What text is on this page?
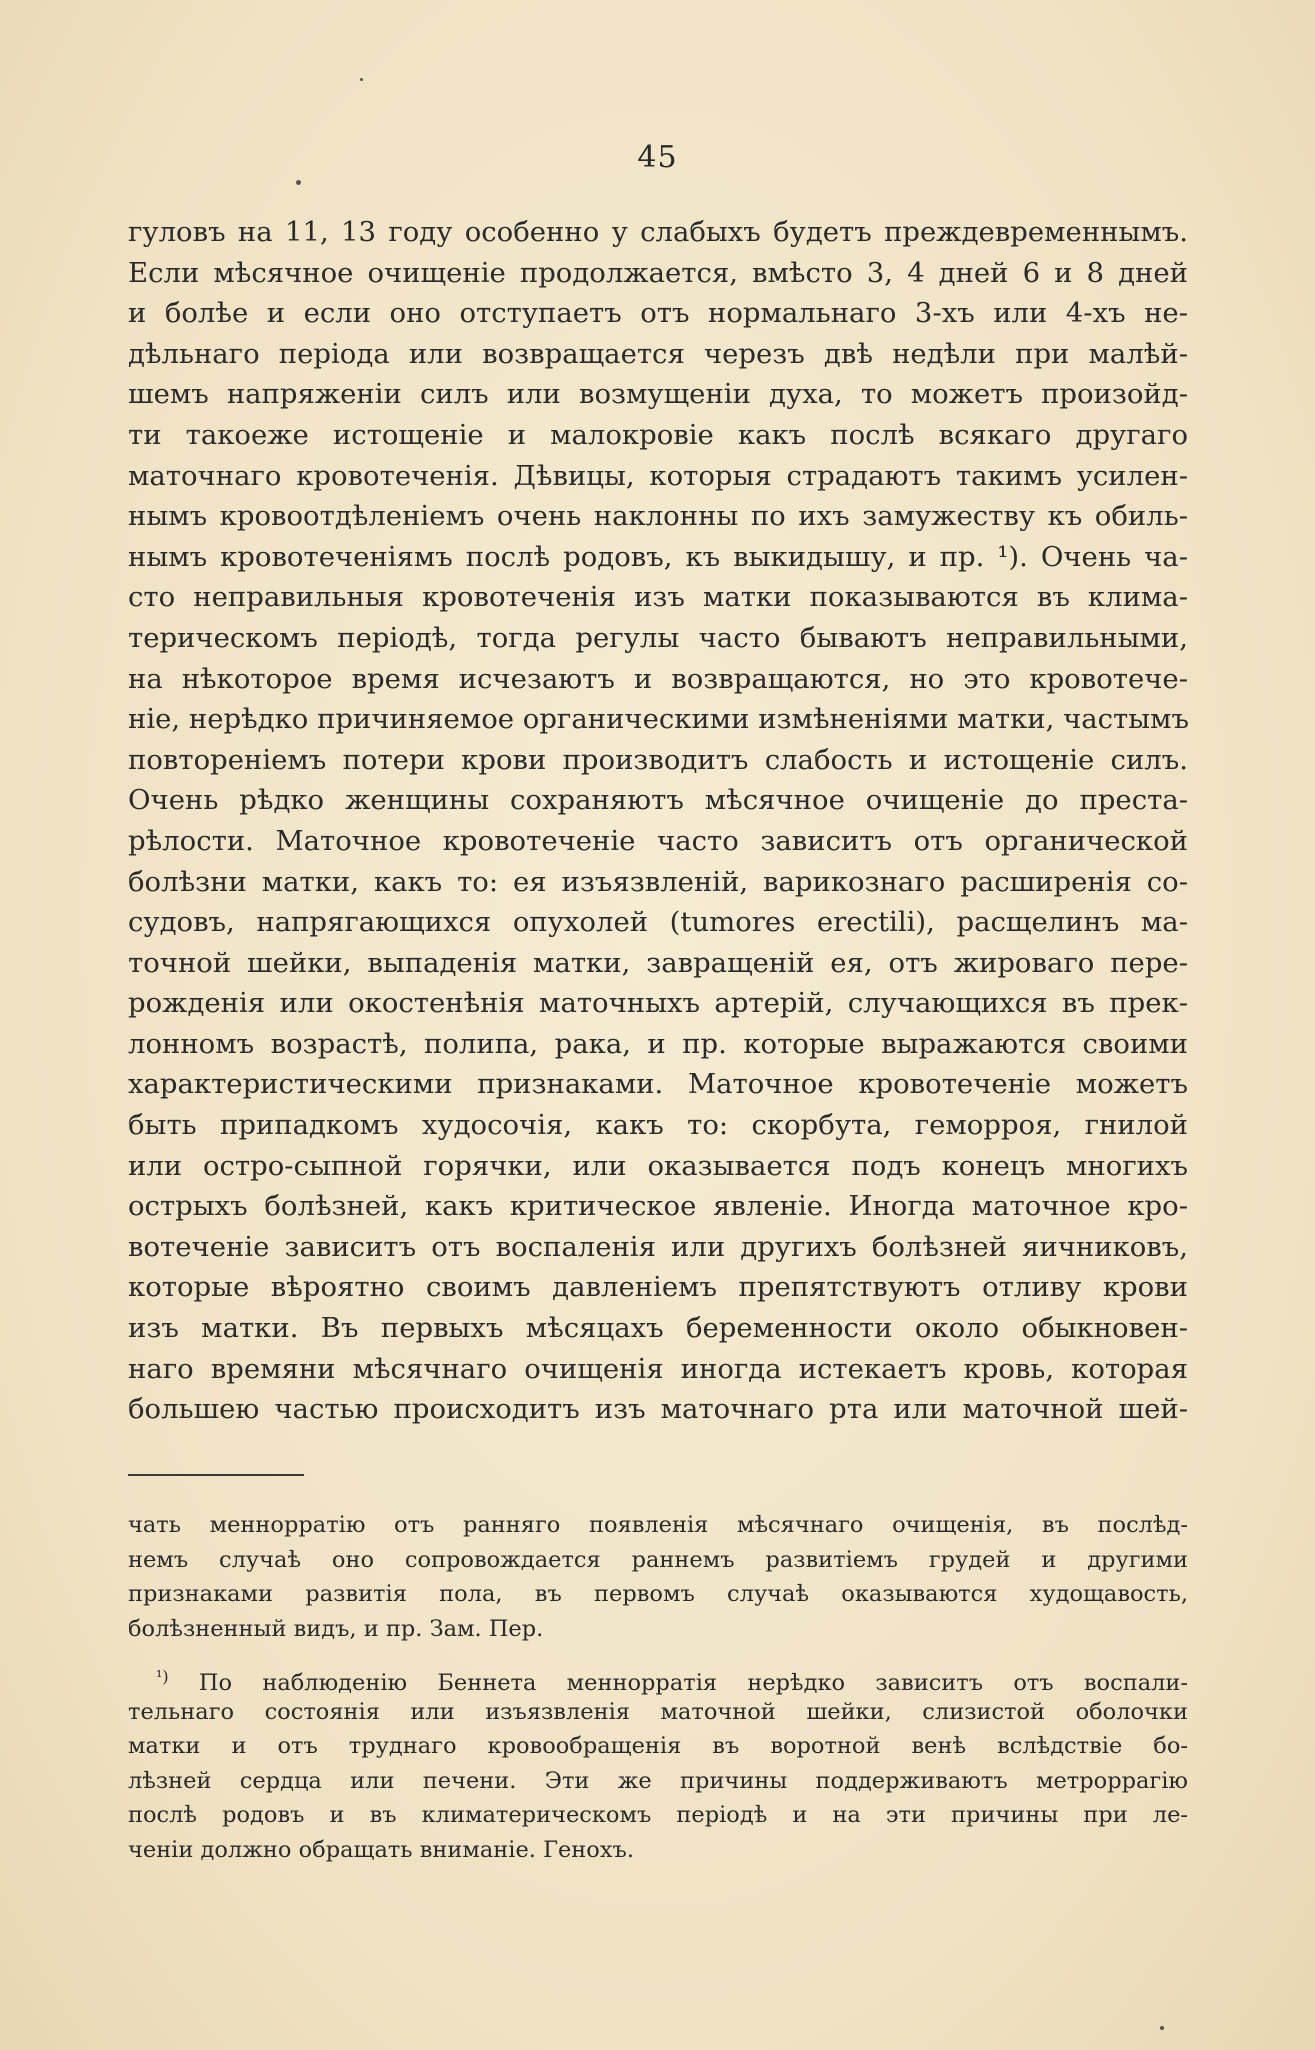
45
гуловъ на 11, 13 году особенно у слабыхъ будетъ преждевременнымъ.
Если мѣсячное очищеніе продолжается, вмѣсто 3, 4 дней 6 и 8 дней
и болѣе и если оно отступаетъ отъ нормальнаго 3-хъ или 4-хъ не-
дѣльнаго періода или возвращается черезъ двѣ недѣли при малѣй-
шемъ напряженіи силъ или возмущеніи духа, то можетъ произойд-
ти такоеже истощеніе и малокровіе какъ послѣ всякаго другаго
маточнаго кровотеченія. Дѣвицы, которыя страдаютъ такимъ усилен-
нымъ кровоотдѣленіемъ очень наклонны по ихъ замужеству къ обиль-
нымъ кровотеченіямъ послѣ родовъ, къ выкидышу, и пр. ¹). Очень ча-
сто неправильныя кровотеченія изъ матки показываются въ клима-
терическомъ періодѣ, тогда регулы часто бываютъ неправильными,
на нѣкоторое время исчезаютъ и возвращаются, но это кровотече-
ніе, нерѣдко причиняемое органическими измѣненіями матки, частымъ
повтореніемъ потери крови производитъ слабость и истощеніе силъ.
Очень рѣдко женщины сохраняютъ мѣсячное очищеніе до преста-
рѣлости. Маточное кровотеченіе часто зависитъ отъ органической
болѣзни матки, какъ то: ея изъязвленій, варикознаго расширенія со-
судовъ, напрягающихся опухолей (tumores erectili), расщелинъ ма-
точной шейки, выпаденія матки, завращеній ея, отъ жироваго пере-
рожденія или окостенѣнія маточныхъ артерій, случающихся въ прек-
лонномъ возрастѣ, полипа, рака, и пр. которые выражаются своими
характеристическими признаками. Маточное кровотеченіе можетъ
быть припадкомъ худосочія, какъ то: скорбута, геморроя, гнилой
или остро-сыпной горячки, или оказывается подъ конецъ многихъ
острыхъ болѣзней, какъ критическое явленіе. Иногда маточное кро-
вотеченіе зависитъ отъ воспаленія или другихъ болѣзней яичниковъ,
которые вѣроятно своимъ давленіемъ препятствуютъ отливу крови
изъ матки. Въ первыхъ мѣсяцахъ беременности около обыкновен-
наго времяни мѣсячнаго очищенія иногда истекаетъ кровь, которая
большею частью происходитъ изъ маточнаго рта или маточной шей-
чать меннорратію отъ ранняго появленія мѣсячнаго очищенія, въ послѣд-
немъ случаѣ оно сопровождается раннемъ развитіемъ грудей и другими
признаками развитія пола, въ первомъ случаѣ оказываются худощавость,
болѣзненный видъ, и пр. Зам. Пер.
$^{^1)}$ По наблюденію Беннета меннорратія нерѣдко зависитъ отъ воспали-
тельнаго состоянія или изъязвленія маточной шейки, слизистой оболочки
матки и отъ труднаго кровообращенія въ воротной венѣ вслѣдствіе бо-
лѣзней сердца или печени. Эти же причины поддерживаютъ метроррагію
послѣ родовъ и въ климатерическомъ періодѣ и на эти причины при ле-
ченіи должно обращать вниманіе. Генохъ.
